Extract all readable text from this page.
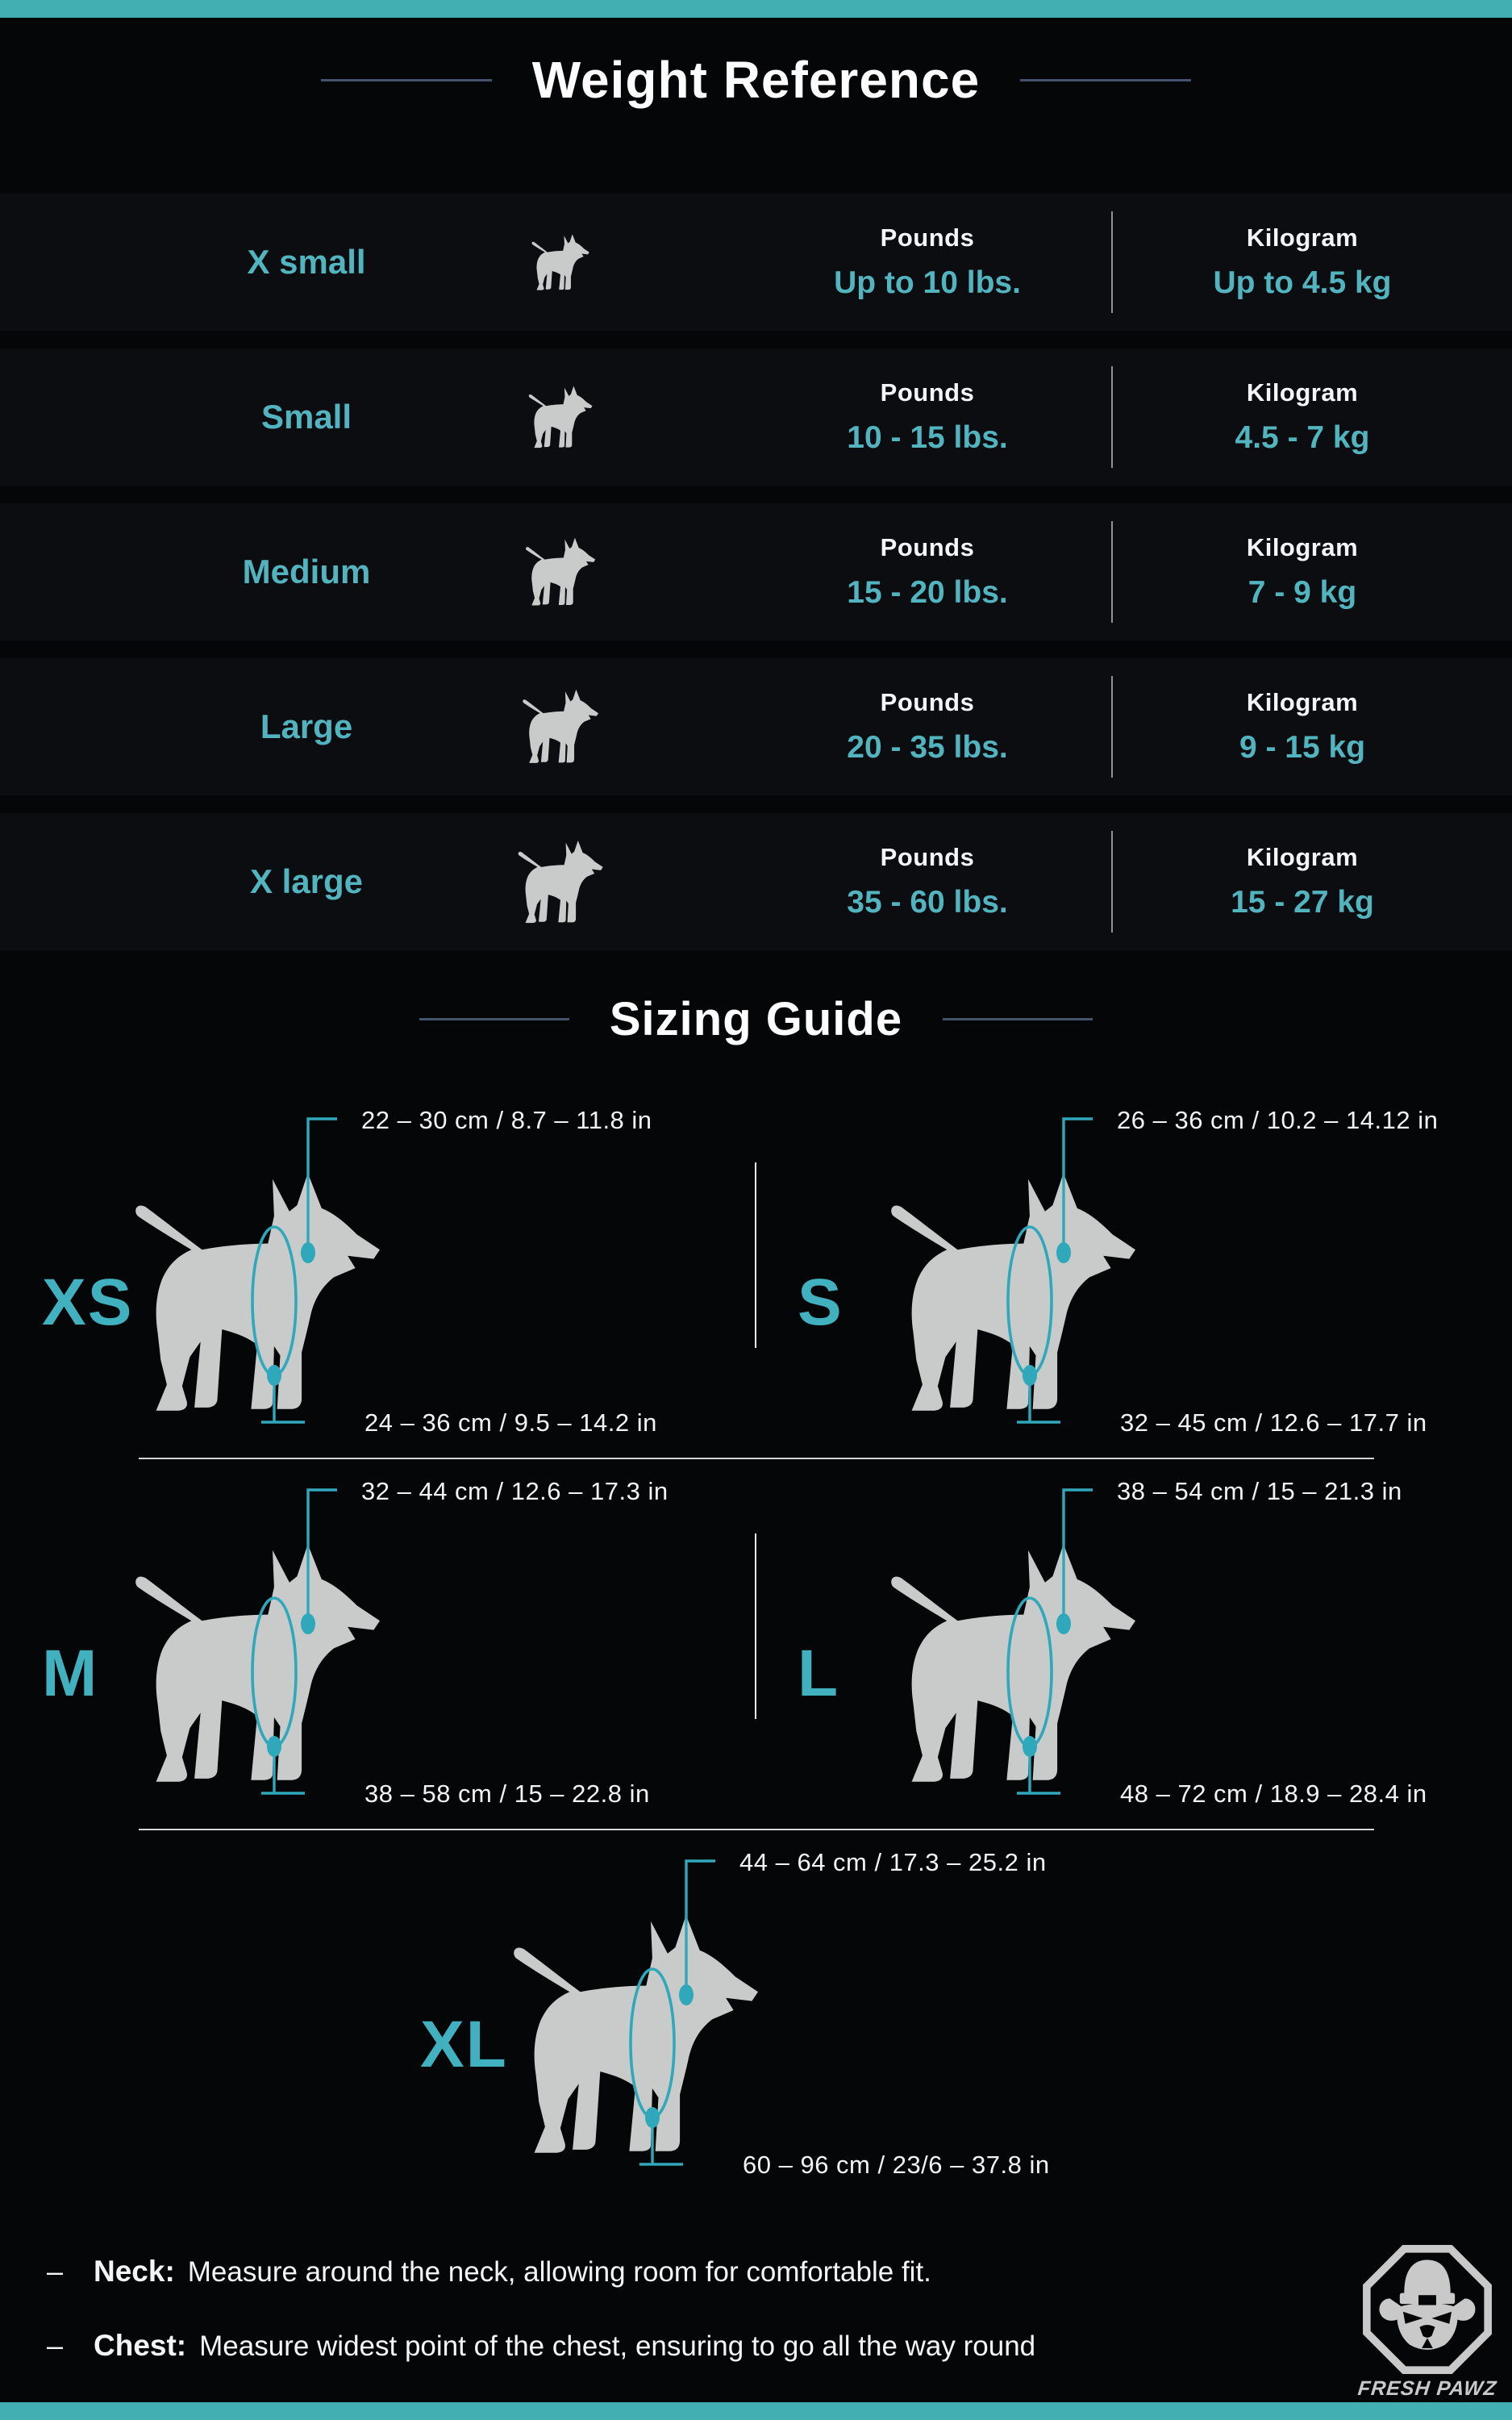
Weight Reference
X small
Pounds
Up to 10 lbs.
Kilogram
Up to 4.5 kg
Small
Pounds
10 - 15 lbs.
Kilogram
4.5 - 7 kg
Medium
Pounds
15 - 20 lbs.
Kilogram
7 - 9 kg
Large
Pounds
20 - 35 lbs.
Kilogram
9 - 15 kg
X large
Pounds
35 - 60 lbs.
Kilogram
15 - 27 kg
Sizing Guide
XS
22 – 30 cm / 8.7 – 11.8 in
24 – 36 cm / 9.5 – 14.2 in
S
26 – 36 cm / 10.2 – 14.12 in
32 – 45 cm / 12.6 – 17.7 in
M
32 – 44 cm / 12.6 – 17.3 in
38 – 58 cm / 15 – 22.8 in
L
38 – 54 cm / 15 – 21.3 in
48 – 72 cm / 18.9 – 28.4 in
XL
44 – 64 cm / 17.3 – 25.2 in
60 – 96 cm / 23/6 – 37.8 in
–	Neck: Measure around the neck, allowing room for comfortable fit.
–	Chest: Measure widest point of the chest, ensuring to go all the way round
FRESH PAWZ
